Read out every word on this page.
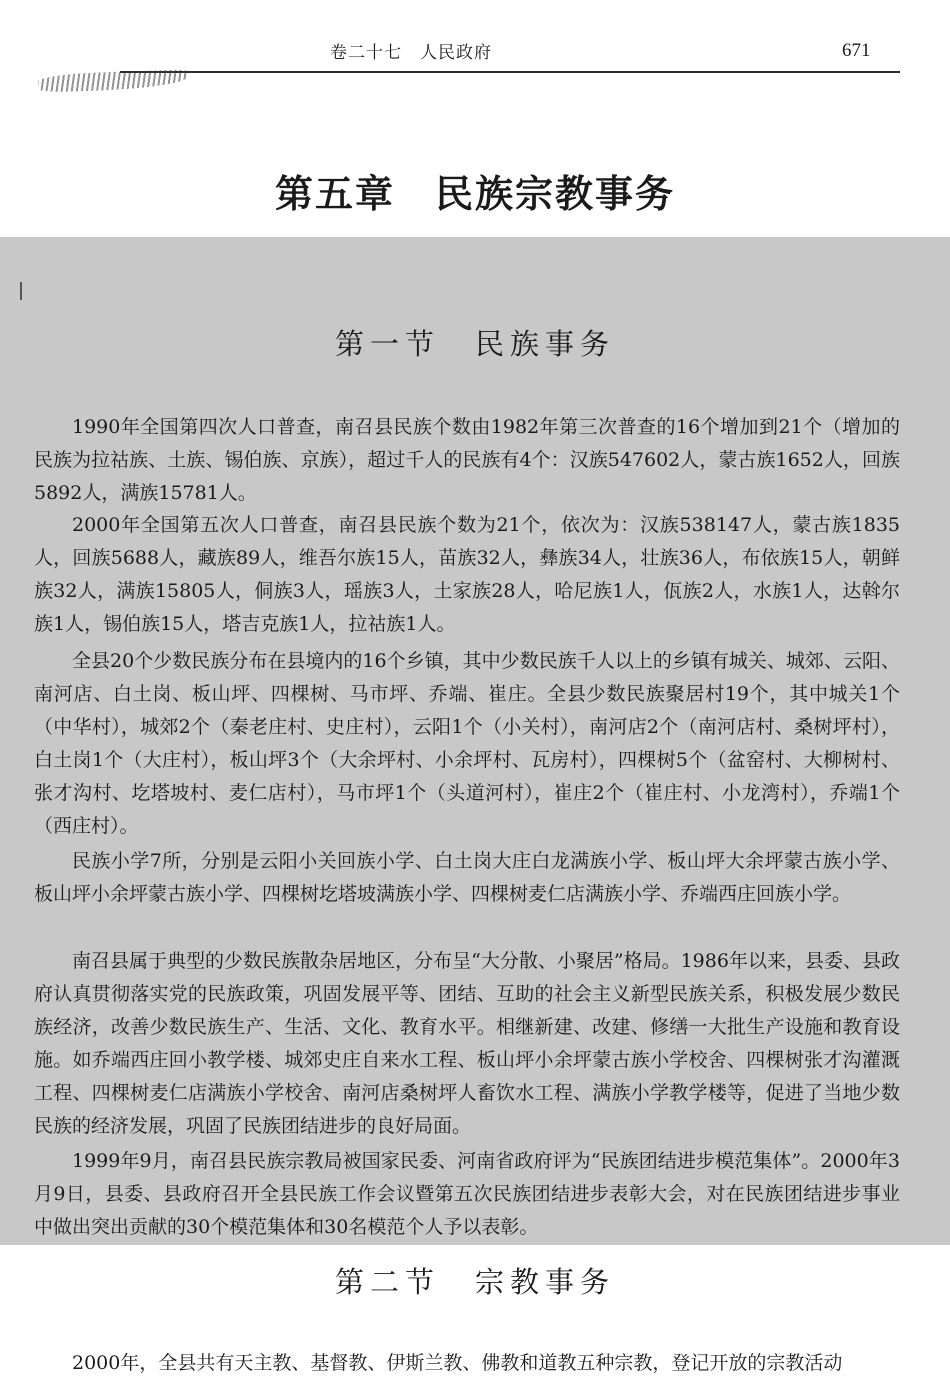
卷二十七　人民政府	671
第五章　民族宗教事务
第一节　民族事务

1990年全国第四次人口普查，南召县民族个数由1982年第三次普查的16个增加到21个（增加的民族为拉祜族、土族、锡伯族、京族），超过千人的民族有4个：汉族547602人，蒙古族1652人，回族5892人，满族15781人。

2000年全国第五次人口普查，南召县民族个数为21个，依次为：汉族538147人，蒙古族1835人，回族5688人，藏族89人，维吾尔族15人，苗族32人，彝族34人，壮族36人，布依族15人，朝鲜族32人，满族15805人，侗族3人，瑶族3人，土家族28人，哈尼族1人，佤族2人，水族1人，达斡尔族1人，锡伯族15人，塔吉克族1人，拉祜族1人。

全县20个少数民族分布在县境内的16个乡镇，其中少数民族千人以上的乡镇有城关、城郊、云阳、南河店、白土岗、板山坪、四棵树、马市坪、乔端、崔庄。全县少数民族聚居村19个，其中城关1个（中华村），城郊2个（秦老庄村、史庄村），云阳1个（小关村），南河店2个（南河店村、桑树坪村），白土岗1个（大庄村），板山坪3个（大余坪村、小余坪村、瓦房村），四棵树5个（盆窑村、大柳树村、张才沟村、圪塔坡村、麦仁店村），马市坪1个（头道河村），崔庄2个（崔庄村、小龙湾村），乔端1个（西庄村）。

民族小学7所，分别是云阳小关回族小学、白土岗大庄白龙满族小学、板山坪大余坪蒙古族小学、板山坪小余坪蒙古族小学、四棵树圪塔坡满族小学、四棵树麦仁店满族小学、乔端西庄回族小学。

南召县属于典型的少数民族散杂居地区，分布呈“大分散、小聚居”格局。1986年以来，县委、县政府认真贯彻落实党的民族政策，巩固发展平等、团结、互助的社会主义新型民族关系，积极发展少数民族经济，改善少数民族生产、生活、文化、教育水平。相继新建、改建、修缮一大批生产设施和教育设施。如乔端西庄回小教学楼、城郊史庄自来水工程、板山坪小余坪蒙古族小学校舍、四棵树张才沟灌溉工程、四棵树麦仁店满族小学校舍、南河店桑树坪人畜饮水工程、满族小学教学楼等，促进了当地少数民族的经济发展，巩固了民族团结进步的良好局面。

1999年9月，南召县民族宗教局被国家民委、河南省政府评为“民族团结进步模范集体”。2000年3月9日，县委、县政府召开全县民族工作会议暨第五次民族团结进步表彰大会，对在民族团结进步事业中做出突出贡献的30个模范集体和30名模范个人予以表彰。

第二节　宗教事务

2000年，全县共有天主教、基督教、伊斯兰教、佛教和道教五种宗教，登记开放的宗教活动
